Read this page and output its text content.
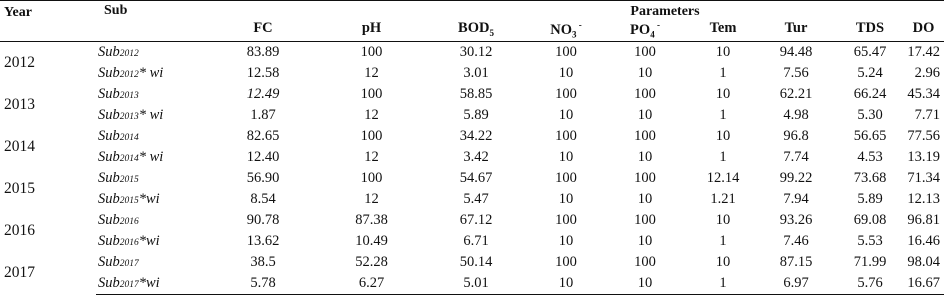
Year	Sub	Parameters								
		FC	pH	$BOD_5$	$NO_3$ -	$PO_4$ -	Tem	Tur	TDS	DO
2012	Sub2012	83.89	100	30.12	100	100	10	94.48	65.47	17.42
	Sub2012* wi	12.58	12	3.01	10	10	1	7.56	5.24	2.96
2013	Sub2013	12.49	100	58.85	100	100	10	62.21	66.24	45.34
	Sub2013* wi	1.87	12	5.89	10	10	1	4.98	5.30	7.71
2014	Sub2014	82.65	100	34.22	100	100	10	96.8	56.65	77.56
	Sub2014* wi	12.40	12	3.42	10	10	1	7.74	4.53	13.19
2015	Sub2015	56.90	100	54.67	100	100	12.14	99.22	73.68	71.34
	Sub2015*wi	8.54	12	5.47	10	10	1.21	7.94	5.89	12.13
2016	Sub2016	90.78	87.38	67.12	100	100	10	93.26	69.08	96.81
	Sub2016*wi	13.62	10.49	6.71	10	10	1	7.46	5.53	16.46
2017	Sub2017	38.5	52.28	50.14	100	100	10	87.15	71.99	98.04
	Sub2017*wi	5.78	6.27	5.01	10	10	1	6.97	5.76	16.67
